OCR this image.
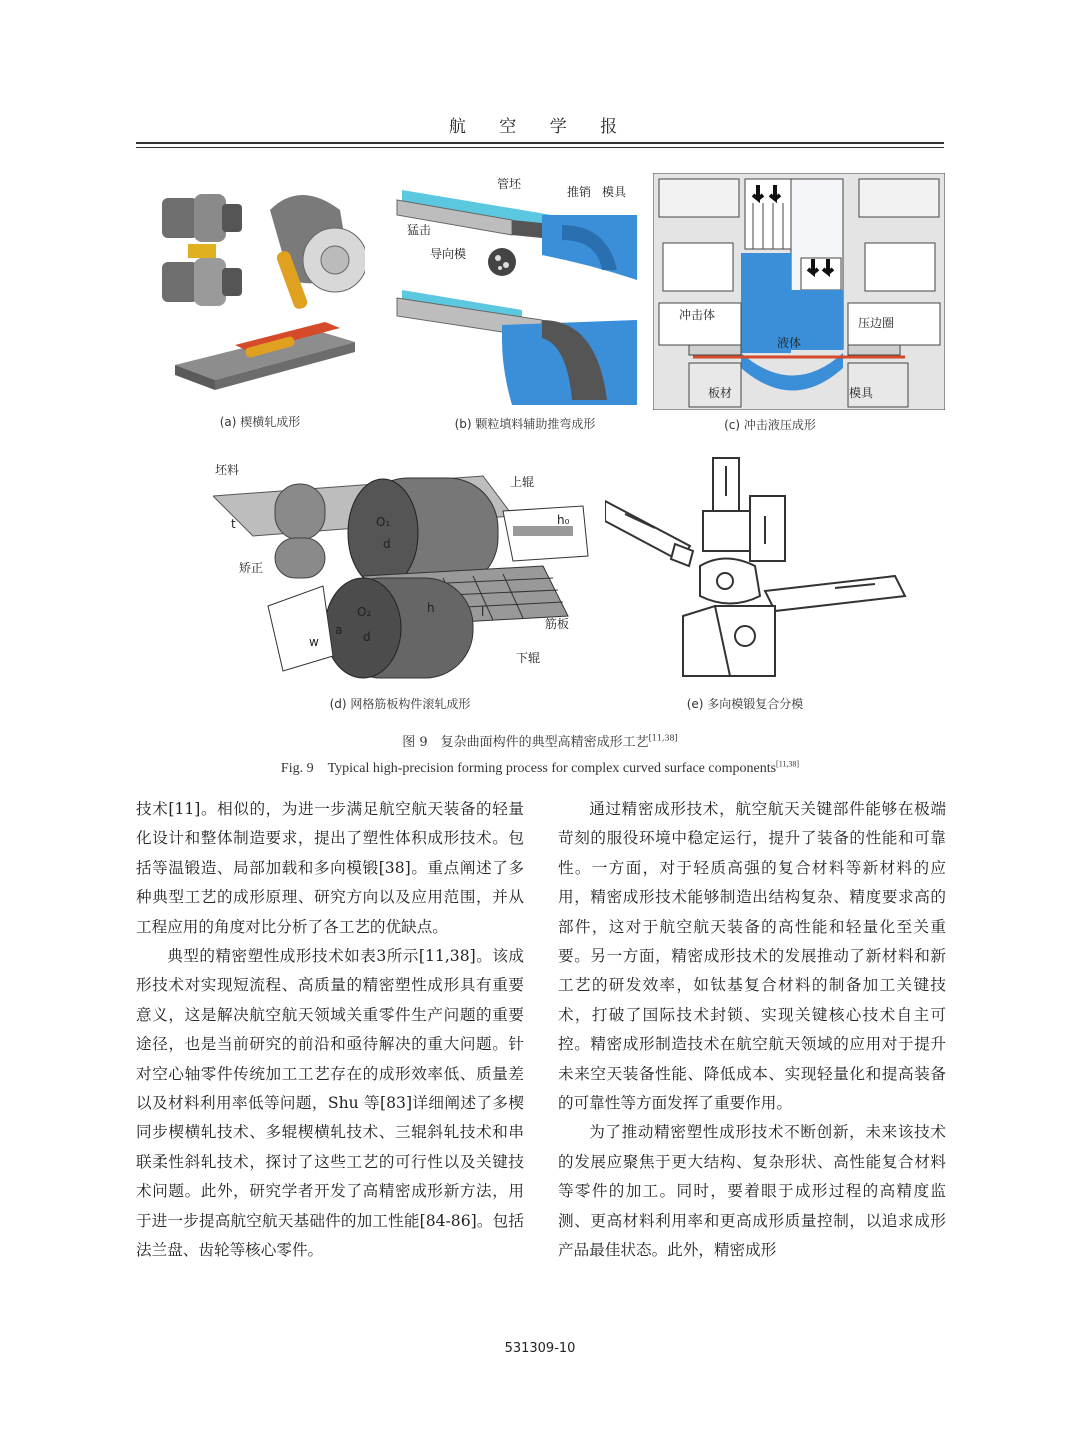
航 空 学 报
(a) 楔横轧成形
管坯
推销 模具
猛击
导向模
(b) 颗粒填料辅助推弯成形
冲击体
压边圈
液体
板材	模具
(c) 冲击液压成形
坯料
上辊
矫正
筋板
下辊
O₁
d
O₂
d
h
t
w
a
l
h₀
(d) 网格筋板构件滚轧成形	(e) 多向模锻复合分模
图 9　复杂曲面构件的典型高精密成形工艺[11,38]
Fig. 9　Typical high-precision forming process for complex curved surface components[11,38]

技术[11]。相似的，为进一步满足航空航天装备的轻量化设计和整体制造要求，提出了塑性体积成形技术。包括等温锻造、局部加载和多向模锻[38]。重点阐述了多种典型工艺的成形原理、研究方向以及应用范围，并从工程应用的角度对比分析了各工艺的优缺点。

典型的精密塑性成形技术如表3所示[11,38]。该成形技术对实现短流程、高质量的精密塑性成形具有重要意义，这是解决航空航天领域关重零件生产问题的重要途径，也是当前研究的前沿和亟待解决的重大问题。针对空心轴零件传统加工工艺存在的成形效率低、质量差以及材料利用率低等问题，Shu 等[83]详细阐述了多楔同步楔横轧技术、多辊楔横轧技术、三辊斜轧技术和串联柔性斜轧技术，探讨了这些工艺的可行性以及关键技术问题。此外，研究学者开发了高精密成形新方法，用于进一步提高航空航天基础件的加工性能[84-86]。包括法兰盘、齿轮等核心零件。

通过精密成形技术，航空航天关键部件能够在极端苛刻的服役环境中稳定运行，提升了装备的性能和可靠性。一方面，对于轻质高强的复合材料等新材料的应用，精密成形技术能够制造出结构复杂、精度要求高的部件，这对于航空航天装备的高性能和轻量化至关重要。另一方面，精密成形技术的发展推动了新材料和新工艺的研发效率，如钛基复合材料的制备加工关键技术，打破了国际技术封锁、实现关键核心技术自主可控。精密成形制造技术在航空航天领域的应用对于提升未来空天装备性能、降低成本、实现轻量化和提高装备的可靠性等方面发挥了重要作用。

为了推动精密塑性成形技术不断创新，未来该技术的发展应聚焦于更大结构、复杂形状、高性能复合材料等零件的加工。同时，要着眼于成形过程的高精度监测、更高材料利用率和更高成形质量控制，以追求成形产品最佳状态。此外，精密成形

531309-10
